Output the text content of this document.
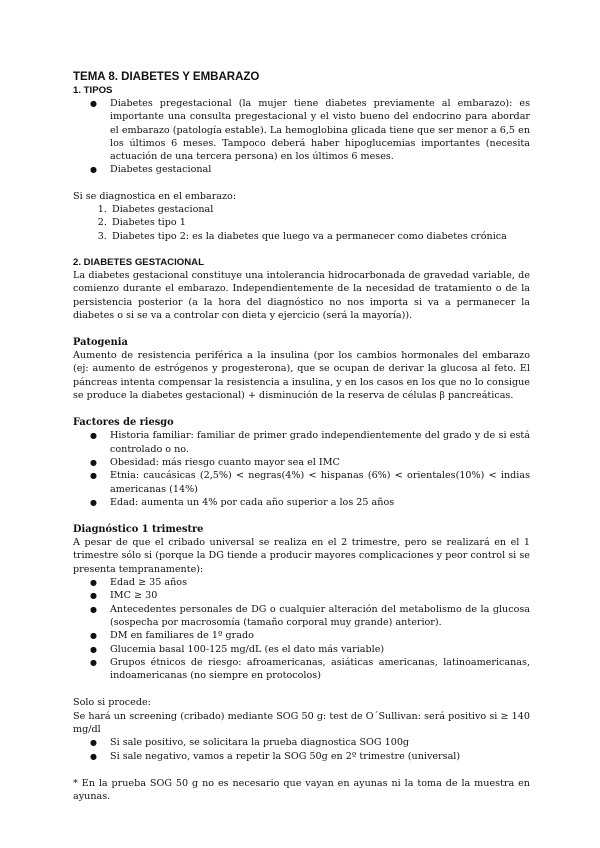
TEMA 8. DIABETES Y EMBARAZO
1. TIPOS
● Diabetes pregestacional (la mujer tiene diabetes previamente al embarazo): es importante una consulta pregestacional y el visto bueno del endocrino para abordar el embarazo (patología estable). La hemoglobina glicada tiene que ser menor a 6,5 en los últimos 6 meses. Tampoco deberá haber hipoglucemias importantes (necesita actuación de una tercera persona) en los últimos 6 meses.
● Diabetes gestacional

Si se diagnostica en el embarazo:

1. Diabetes gestacional
2. Diabetes tipo 1
3. Diabetes tipo 2: es la diabetes que luego va a permanecer como diabetes crónica
2. DIABETES GESTACIONAL

La diabetes gestacional constituye una intolerancia hidrocarbonada de gravedad variable, de comienzo durante el embarazo. Independientemente de la necesidad de tratamiento o de la persistencia posterior (a la hora del diagnóstico no nos importa si va a permanecer la diabetes o si se va a controlar con dieta y ejercicio (será la mayoría)).

Patogenia

Aumento de resistencia periférica a la insulina (por los cambios hormonales del embarazo (ej: aumento de estrógenos y progesterona), que se ocupan de derivar la glucosa al feto. El páncreas intenta compensar la resistencia a insulina, y en los casos en los que no lo consigue se produce la diabetes gestacional) + disminución de la reserva de células β pancreáticas.

Factores de riesgo
● Historia familiar: familiar de primer grado independientemente del grado y de si está controlado o no.
● Obesidad: más riesgo cuanto mayor sea el IMC
● Etnia: caucásicas (2,5%) < negras(4%) < hispanas (6%) < orientales(10%) < indias americanas (14%)
● Edad: aumenta un 4% por cada año superior a los 25 años
Diagnóstico 1 trimestre

A pesar de que el cribado universal se realiza en el 2 trimestre, pero se realizará en el 1 trimestre sólo si (porque la DG tiende a producir mayores complicaciones y peor control si se presenta tempranamente):

● Edad ≥ 35 años
● IMC ≥ 30
● Antecedentes personales de DG o cualquier alteración del metabolismo de la glucosa (sospecha por macrosomía (tamaño corporal muy grande) anterior).
● DM en familiares de 1º grado
● Glucemia basal 100-125 mg/dL (es el dato más variable)
● Grupos étnicos de riesgo: afroamericanas, asiáticas americanas, latinoamericanas, indoamericanas (no siempre en protocolos)

Solo si procede:

Se hará un screening (cribado) mediante SOG 50 g: test de O´Sullivan: será positivo si ≥ 140 mg/dl

● Si sale positivo, se solicitara la prueba diagnostica SOG 100g
● Si sale negativo, vamos a repetir la SOG 50g en 2º trimestre (universal)

* En la prueba SOG 50 g no es necesario que vayan en ayunas ni la toma de la muestra en ayunas.
